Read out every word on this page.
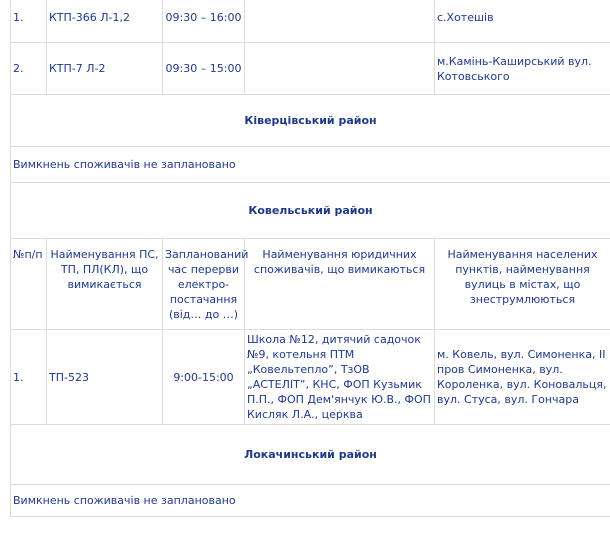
1.	КТП-366 Л-1,2	09:30 – 16:00		с.Хотешів
2.	КТП-7 Л-2	09:30 – 15:00		м.Камінь-Каширський вул. Котовського
Ківерцівський район				
Вимкнень споживачів не заплановано				
Ковельський район				
№п/п	Найменування ПС, ТП, ПЛ(КЛ), що вимикається	Запланований час перерви електро-постачання (від… до …)	Найменування юридичних споживачів, що вимикаються	Найменування населених пунктів, найменування вулиць в містах, що знеструмлюються
1.	ТП-523	9:00-15:00	Школа №12, дитячий садочок №9, котельня ПТМ „Ковельтепло”, ТзОВ „АСТЕЛІТ”, КНС, ФОП Кузьмик П.П., ФОП Дем'янчук Ю.В., ФОП Кисляк Л.А., церква	м. Ковель, вул. Симоненка, ІІ пров Симоненка, вул. Короленка, вул. Коновальця, вул. Стуса, вул. Гончара
Локачинський район				
Вимкнень споживачів не заплановано				
